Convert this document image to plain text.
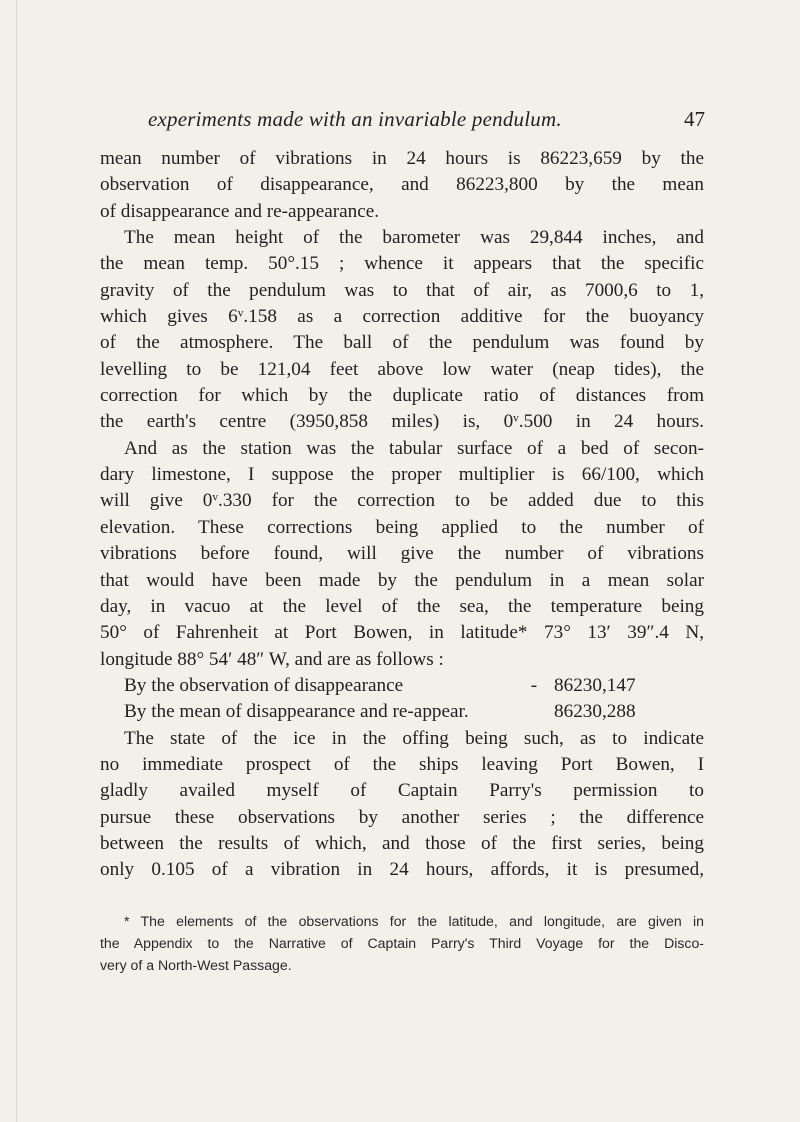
experiments made with an invariable pendulum.	47
mean number of vibrations in 24 hours is 86223,659 by the
observation of disappearance, and 86223,800 by the mean
of disappearance and re-appearance.
The mean height of the barometer was 29,844 inches, and
the mean temp. 50°.15 ; whence it appears that the specific
gravity of the pendulum was to that of air, as 7000,6 to 1,
which gives 6ᵛ.158 as a correction additive for the buoyancy
of the atmosphere. The ball of the pendulum was found by
levelling to be 121,04 feet above low water (neap tides), the
correction for which by the duplicate ratio of distances from
the earth's centre (3950,858 miles) is, 0ᵛ.500 in 24 hours.
And as the station was the tabular surface of a bed of secon-
dary limestone, I suppose the proper multiplier is 66/100, which
will give 0ᵛ.330 for the correction to be added due to this
elevation. These corrections being applied to the number of
vibrations before found, will give the number of vibrations
that would have been made by the pendulum in a mean solar
day, in vacuo at the level of the sea, the temperature being
50° of Fahrenheit at Port Bowen, in latitude* 73° 13′ 39″.4 N,
longitude 88° 54′ 48″ W, and are as follows :
By the observation of disappearance	- 86230,147
By the mean of disappearance and re-appear.	86230,288
The state of the ice in the offing being such, as to indicate
no immediate prospect of the ships leaving Port Bowen, I
gladly availed myself of Captain Parry's permission to
pursue these observations by another series ; the difference
between the results of which, and those of the first series, being
only 0.105 of a vibration in 24 hours, affords, it is presumed,
* The elements of the observations for the latitude, and longitude, are given in
the Appendix to the Narrative of Captain Parry's Third Voyage for the Disco-
very of a North-West Passage.
